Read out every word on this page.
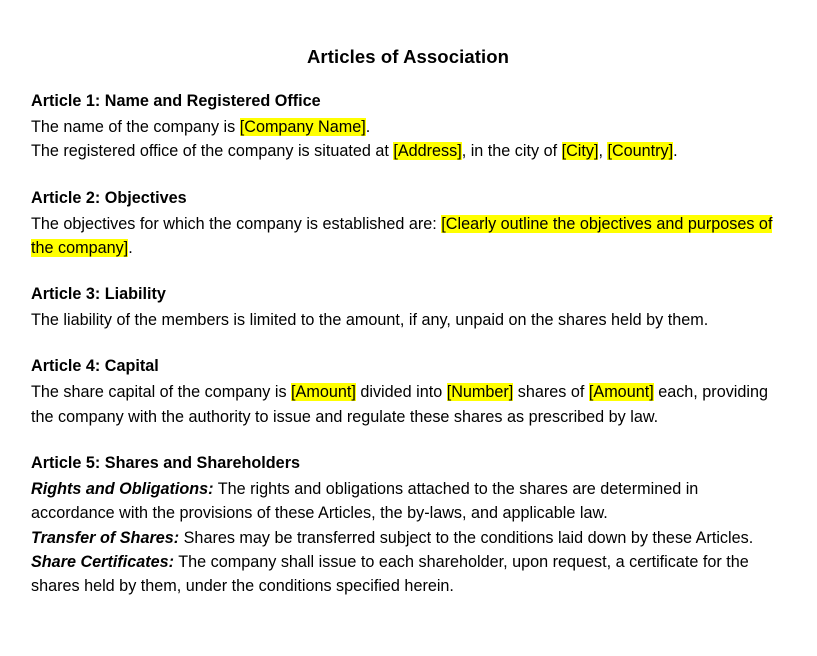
Articles of Association
Article 1: Name and Registered Office

The name of the company is [Company Name].

The registered office of the company is situated at [Address], in the city of [City], [Country].

Article 2: Objectives

The objectives for which the company is established are: [Clearly outline the objectives and purposes of the company].

Article 3: Liability

The liability of the members is limited to the amount, if any, unpaid on the shares held by them.

Article 4: Capital

The share capital of the company is [Amount] divided into [Number] shares of [Amount] each, providing the company with the authority to issue and regulate these shares as prescribed by law.

Article 5: Shares and Shareholders

Rights and Obligations: The rights and obligations attached to the shares are determined in accordance with the provisions of these Articles, the by-laws, and applicable law.

Transfer of Shares: Shares may be transferred subject to the conditions laid down by these Articles.

Share Certificates: The company shall issue to each shareholder, upon request, a certificate for the shares held by them, under the conditions specified herein.
